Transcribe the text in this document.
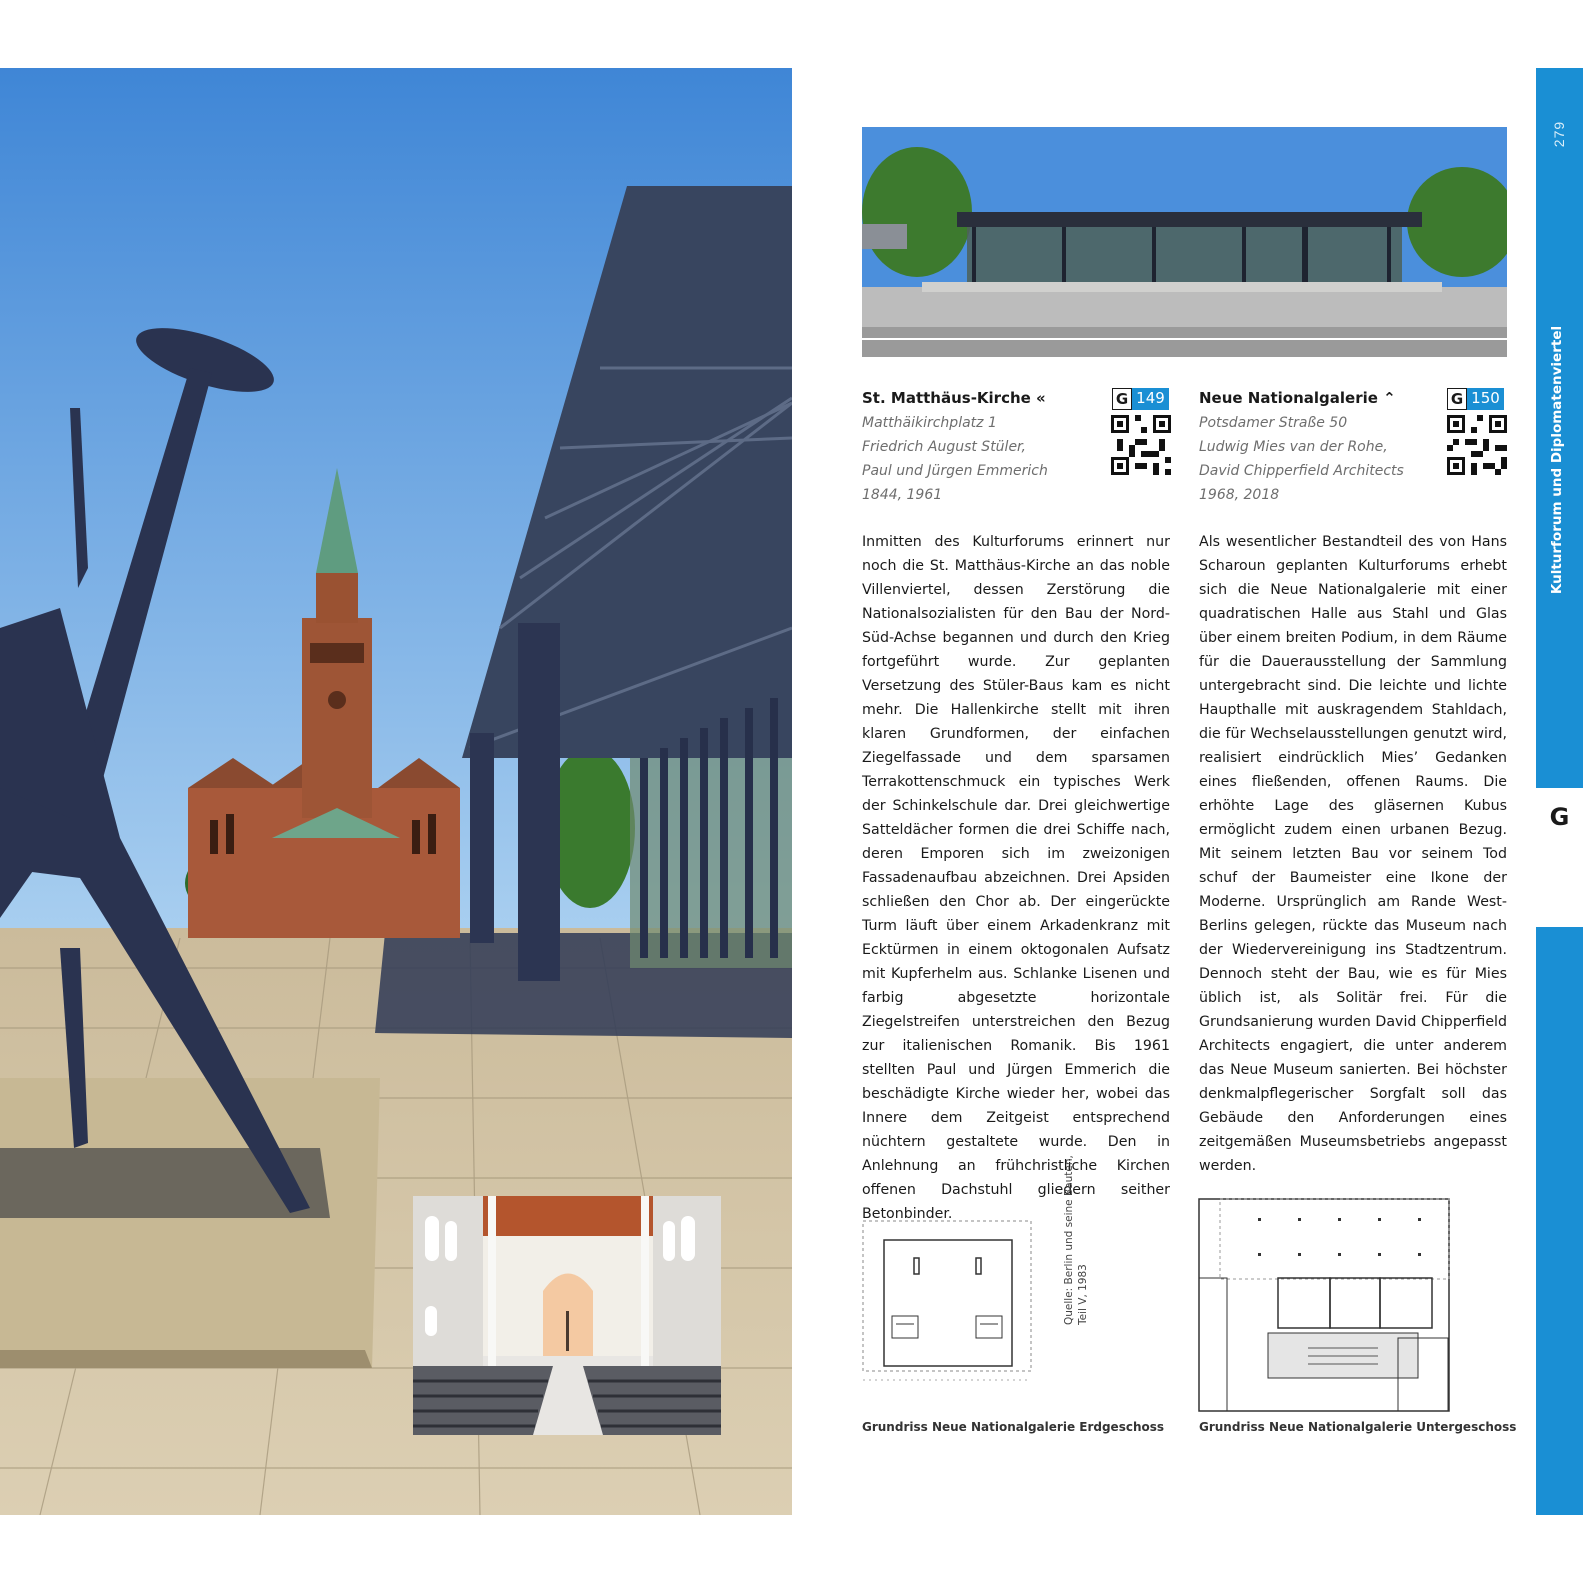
279
Kulturforum und Diplomatenviertel
G
St. Matthäus-Kirche «	G 149
Matthäikirchplatz 1
Friedrich August Stüler,
Paul und Jürgen Emmerich
1844, 1961
Neue Nationalgalerie ⌃	G 150
Potsdamer Straße 50
Ludwig Mies van der Rohe,
David Chipperfield Architects
1968, 2018
Inmitten des Kulturforums erinnert nur noch die St. Matthäus-Kirche an das noble Villenviertel, dessen Zerstörung die Nationalsozialisten für den Bau der Nord-Süd-Achse begannen und durch den Krieg fortgeführt wurde. Zur geplanten Versetzung des Stüler-Baus kam es nicht mehr. Die Hallenkirche stellt mit ihren klaren Grundformen, der einfachen Ziegelfassade und dem sparsamen Terrakottenschmuck ein typisches Werk der Schinkelschule dar. Drei gleichwertige Satteldächer formen die drei Schiffe nach, deren Emporen sich im zweizonigen Fassadenaufbau abzeichnen. Drei Apsiden schließen den Chor ab. Der eingerückte Turm läuft über einem Arkadenkranz mit Ecktürmen in einem oktogonalen Aufsatz mit Kupferhelm aus. Schlanke Lisenen und farbig abgesetzte horizontale Ziegelstreifen unterstreichen den Bezug zur italienischen Romanik. Bis 1961 stellten Paul und Jürgen Emmerich die beschädigte Kirche wieder her, wobei das Innere dem Zeitgeist entsprechend nüchtern gestaltete wurde. Den in Anlehnung an frühchristliche Kirchen offenen Dachstuhl gliedern seither Betonbinder.
Als wesentlicher Bestandteil des von Hans Scharoun geplanten Kulturforums erhebt sich die Neue Nationalgalerie mit einer quadratischen Halle aus Stahl und Glas über einem breiten Podium, in dem Räume für die Dauerausstellung der Sammlung untergebracht sind. Die leichte und lichte Haupthalle mit auskragendem Stahldach, die für Wechselausstellungen genutzt wird, realisiert eindrücklich Mies’ Gedanken eines fließenden, offenen Raums. Die erhöhte Lage des gläsernen Kubus ermöglicht zudem einen urbanen Bezug. Mit seinem letzten Bau vor seinem Tod schuf der Baumeister eine Ikone der Moderne. Ursprünglich am Rande West-Berlins gelegen, rückte das Museum nach der Wiedervereinigung ins Stadtzentrum. Dennoch steht der Bau, wie es für Mies üblich ist, als Solitär frei. Für die Grundsanierung wurden David Chipperfield Architects engagiert, die unter anderem das Neue Museum sanierten. Bei höchster denkmalpflegerischer Sorgfalt soll das Gebäude den Anforderungen eines zeitgemäßen Museumsbetriebs angepasst werden.
Quelle: Berlin und seine Bauten, Teil V, 1983
Grundriss Neue Nationalgalerie Erdgeschoss	Grundriss Neue Nationalgalerie Untergeschoss
